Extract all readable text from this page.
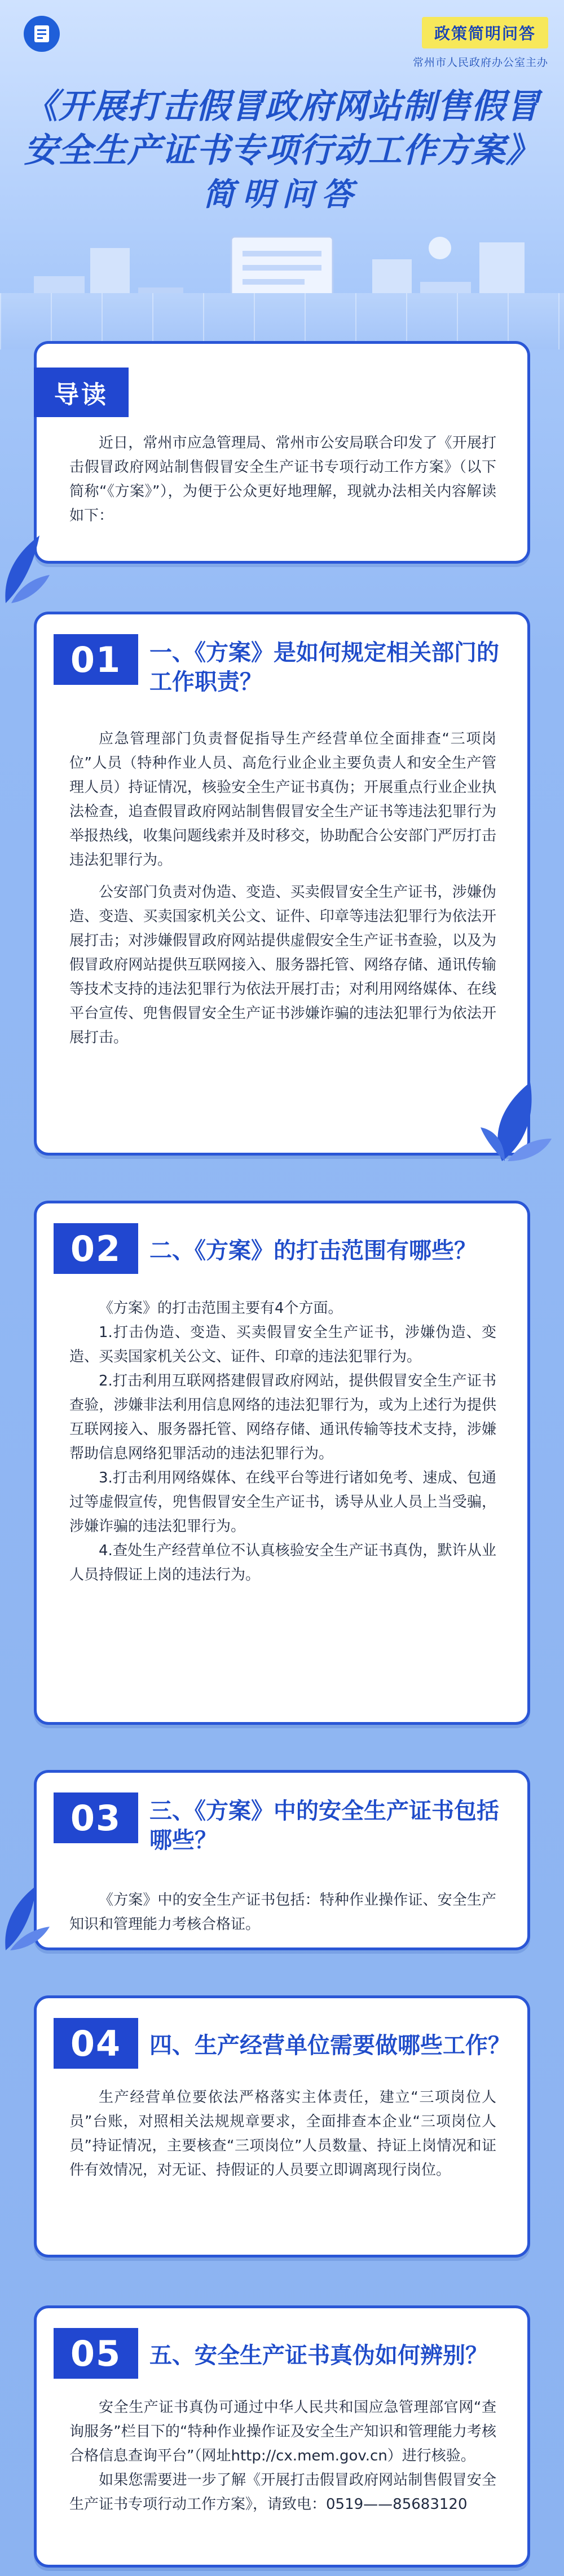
政策简明问答
常州市人民政府办公室主办
《开展打击假冒政府网站制售假冒
安全生产证书专项行动工作方案》
简明问答
导读

近日，常州市应急管理局、常州市公安局联合印发了《开展打击假冒政府网站制售假冒安全生产证书专项行动工作方案》（以下简称“《方案》”），为便于公众更好地理解，现就办法相关内容解读如下：

01	一、《方案》是如何规定相关部门的工作职责？

应急管理部门负责督促指导生产经营单位全面排查“三项岗位”人员（特种作业人员、高危行业企业主要负责人和安全生产管理人员）持证情况，核验安全生产证书真伪；开展重点行业企业执法检查，追查假冒政府网站制售假冒安全生产证书等违法犯罪行为举报热线，收集问题线索并及时移交，协助配合公安部门严厉打击违法犯罪行为。

公安部门负责对伪造、变造、买卖假冒安全生产证书，涉嫌伪造、变造、买卖国家机关公文、证件、印章等违法犯罪行为依法开展打击；对涉嫌假冒政府网站提供虚假安全生产证书查验，以及为假冒政府网站提供互联网接入、服务器托管、网络存储、通讯传输等技术支持的违法犯罪行为依法开展打击；对利用网络媒体、在线平台宣传、兜售假冒安全生产证书涉嫌诈骗的违法犯罪行为依法开展打击。

02	二、《方案》的打击范围有哪些？

《方案》的打击范围主要有4个方面。

1.打击伪造、变造、买卖假冒安全生产证书，涉嫌伪造、变造、买卖国家机关公文、证件、印章的违法犯罪行为。

2.打击利用互联网搭建假冒政府网站，提供假冒安全生产证书查验，涉嫌非法利用信息网络的违法犯罪行为，或为上述行为提供互联网接入、服务器托管、网络存储、通讯传输等技术支持，涉嫌帮助信息网络犯罪活动的违法犯罪行为。

3.打击利用网络媒体、在线平台等进行诸如免考、速成、包通过等虚假宣传，兜售假冒安全生产证书，诱导从业人员上当受骗，涉嫌诈骗的违法犯罪行为。

4.查处生产经营单位不认真核验安全生产证书真伪，默许从业人员持假证上岗的违法行为。

03	三、《方案》中的安全生产证书包括哪些？

《方案》中的安全生产证书包括：特种作业操作证、安全生产知识和管理能力考核合格证。

04	四、生产经营单位需要做哪些工作？

生产经营单位要依法严格落实主体责任，建立“三项岗位人员”台账，对照相关法规规章要求，全面排查本企业“三项岗位人员”持证情况，主要核查“三项岗位”人员数量、持证上岗情况和证件有效情况，对无证、持假证的人员要立即调离现行岗位。

05	五、安全生产证书真伪如何辨别？

安全生产证书真伪可通过中华人民共和国应急管理部官网“查询服务”栏目下的“特种作业操作证及安全生产知识和管理能力考核合格信息查询平台”（网址http://cx.mem.gov.cn）进行核验。

如果您需要进一步了解《开展打击假冒政府网站制售假冒安全生产证书专项行动工作方案》，请致电：0519——85683120
